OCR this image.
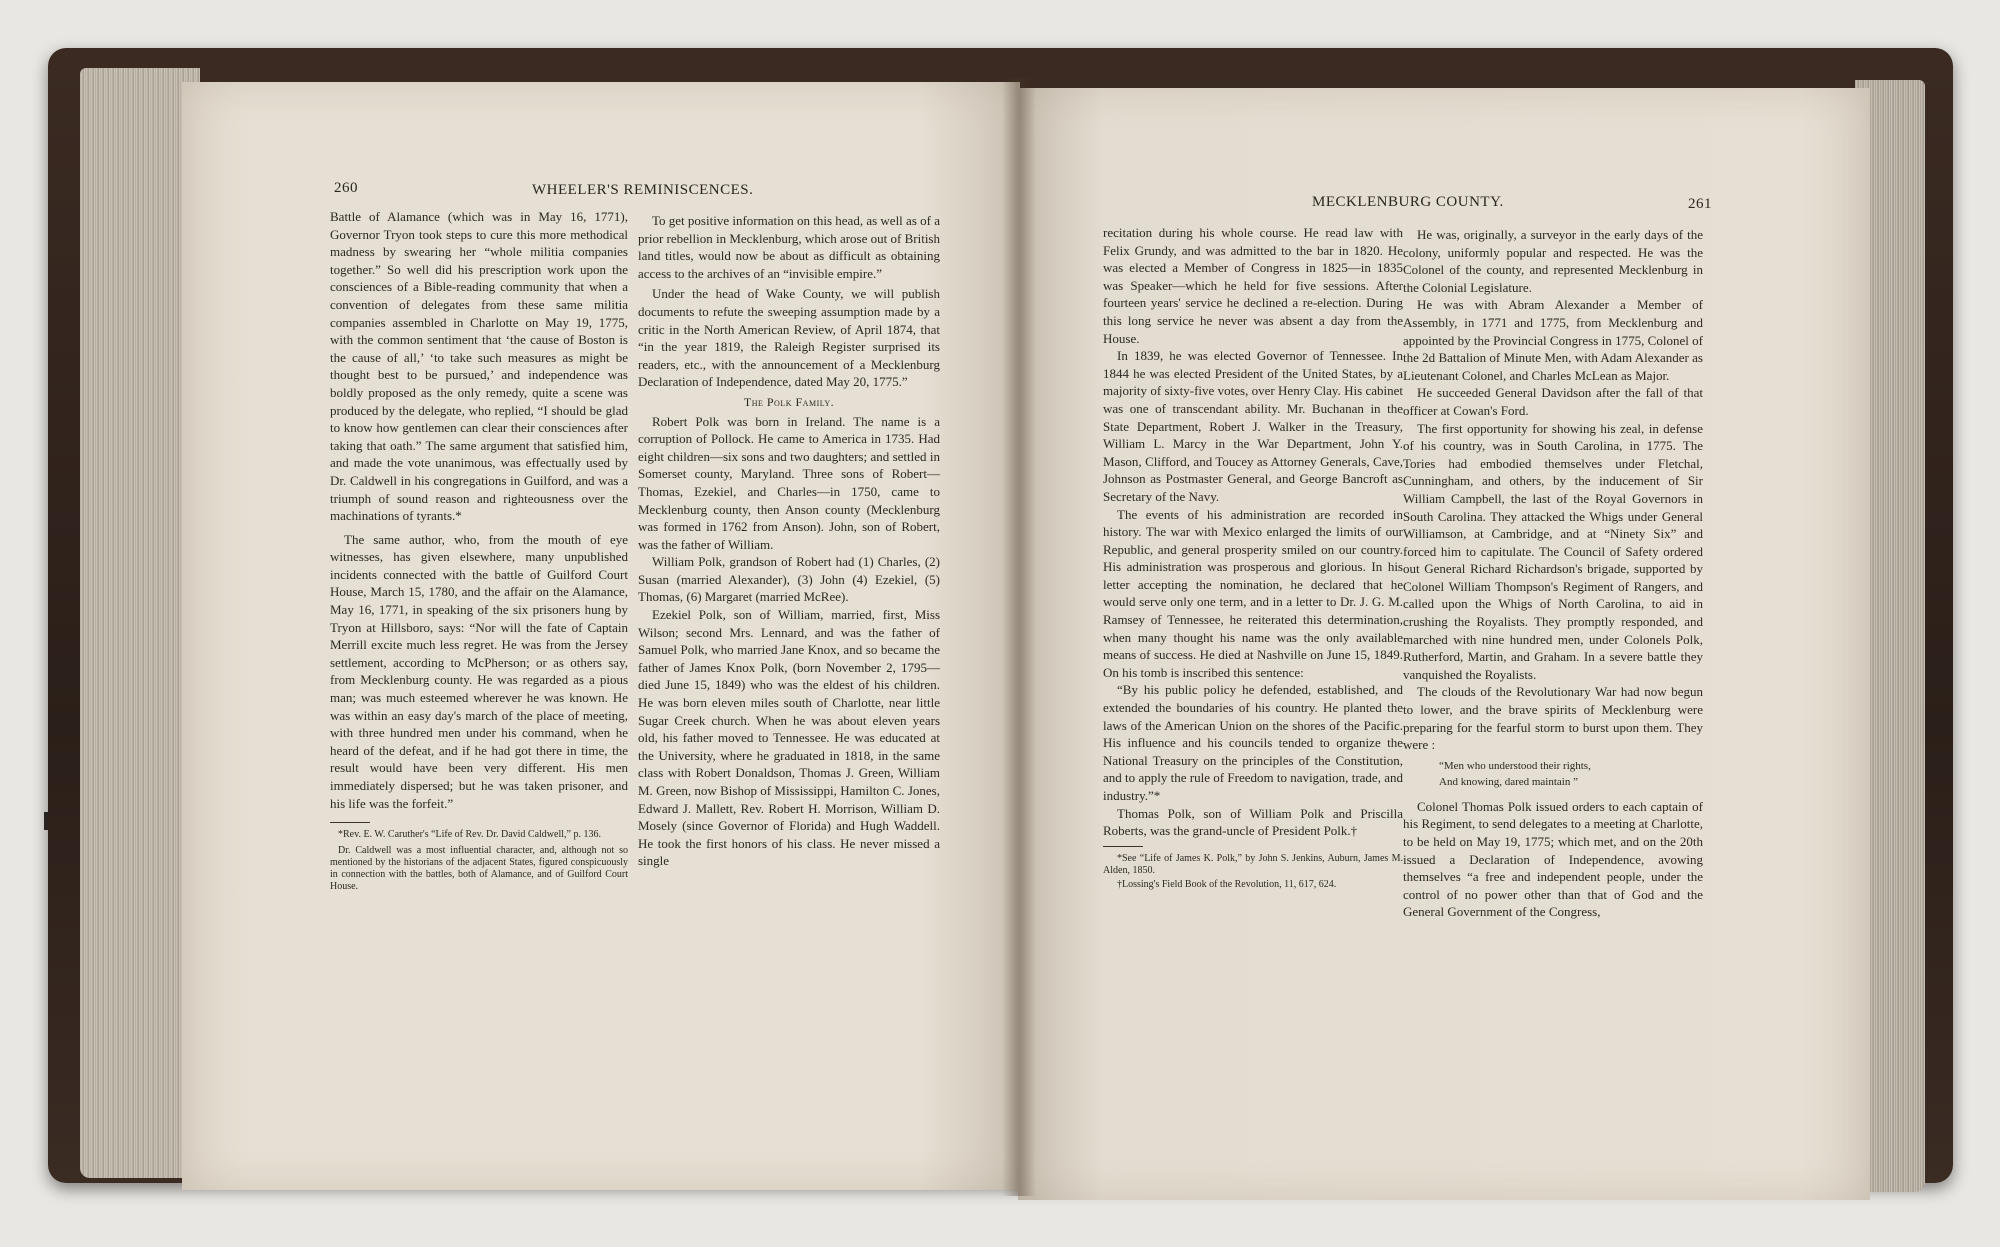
260	WHEELER'S REMINISCENCES.

Battle of Alamance (which was in May 16, 1771), Governor Tryon took steps to cure this more methodical madness by swearing her “whole militia companies together.” So well did his prescription work upon the consciences of a Bible-reading community that when a convention of delegates from these same militia companies assembled in Charlotte on May 19, 1775, with the common sentiment that ‘the cause of Boston is the cause of all,’ ‘to take such measures as might be thought best to be pursued,’ and independence was boldly proposed as the only remedy, quite a scene was produced by the delegate, who replied, “I should be glad to know how gentlemen can clear their consciences after taking that oath.” The same argument that satisfied him, and made the vote unanimous, was effectually used by Dr. Caldwell in his congregations in Guilford, and was a triumph of sound reason and righteousness over the machinations of tyrants.*

The same author, who, from the mouth of eye witnesses, has given elsewhere, many unpublished incidents connected with the battle of Guilford Court House, March 15, 1780, and the affair on the Alamance, May 16, 1771, in speaking of the six prisoners hung by Tryon at Hillsboro, says: “Nor will the fate of Captain Merrill excite much less regret. He was from the Jersey settlement, according to McPherson; or as others say, from Mecklenburg county. He was regarded as a pious man; was much esteemed wherever he was known. He was within an easy day's march of the place of meeting, with three hundred men under his command, when he heard of the defeat, and if he had got there in time, the result would have been very different. His men immediately dispersed; but he was taken prisoner, and his life was the forfeit.”

*Rev. E. W. Caruther's “Life of Rev. Dr. David Caldwell,” p. 136.

Dr. Caldwell was a most influential character, and, although not so mentioned by the historians of the adjacent States, figured conspicuously in connection with the battles, both of Alamance, and of Guilford Court House.

To get positive information on this head, as well as of a prior rebellion in Mecklenburg, which arose out of British land titles, would now be about as difficult as obtaining access to the archives of an “invisible empire.”

Under the head of Wake County, we will publish documents to refute the sweeping assumption made by a critic in the North American Review, of April 1874, that “in the year 1819, the Raleigh Register surprised its readers, etc., with the announcement of a Mecklenburg Declaration of Independence, dated May 20, 1775.”

The Polk Family.

Robert Polk was born in Ireland. The name is a corruption of Pollock. He came to America in 1735. Had eight children—six sons and two daughters; and settled in Somerset county, Maryland. Three sons of Robert—Thomas, Ezekiel, and Charles—in 1750, came to Mecklenburg county, then Anson county (Mecklenburg was formed in 1762 from Anson). John, son of Robert, was the father of William.

William Polk, grandson of Robert had (1) Charles, (2) Susan (married Alexander), (3) John (4) Ezekiel, (5) Thomas, (6) Margaret (married McRee).

Ezekiel Polk, son of William, married, first, Miss Wilson; second Mrs. Lennard, and was the father of Samuel Polk, who married Jane Knox, and so became the father of James Knox Polk, (born November 2, 1795—died June 15, 1849) who was the eldest of his children. He was born eleven miles south of Charlotte, near little Sugar Creek church. When he was about eleven years old, his father moved to Tennessee. He was educated at the University, where he graduated in 1818, in the same class with Robert Donaldson, Thomas J. Green, William M. Green, now Bishop of Mississippi, Hamilton C. Jones, Edward J. Mallett, Rev. Robert H. Morrison, William D. Mosely (since Governor of Florida) and Hugh Waddell. He took the first honors of his class. He never missed a single

MECKLENBURG COUNTY.	261

recitation during his whole course. He read law with Felix Grundy, and was admitted to the bar in 1820. He was elected a Member of Congress in 1825—in 1835 was Speaker—which he held for five sessions. After fourteen years' service he declined a re-election. During this long service he never was absent a day from the House.

In 1839, he was elected Governor of Tennessee. In 1844 he was elected President of the United States, by a majority of sixty-five votes, over Henry Clay. His cabinet was one of transcendant ability. Mr. Buchanan in the State Department, Robert J. Walker in the Treasury, William L. Marcy in the War Department, John Y. Mason, Clifford, and Toucey as Attorney Generals, Cave, Johnson as Postmaster General, and George Bancroft as Secretary of the Navy.

The events of his administration are recorded in history. The war with Mexico enlarged the limits of our Republic, and general prosperity smiled on our country. His administration was prosperous and glorious. In his letter accepting the nomination, he declared that he would serve only one term, and in a letter to Dr. J. G. M. Ramsey of Tennessee, he reiterated this determination, when many thought his name was the only available means of success. He died at Nashville on June 15, 1849. On his tomb is inscribed this sentence:

“By his public policy he defended, established, and extended the boundaries of his country. He planted the laws of the American Union on the shores of the Pacific. His influence and his councils tended to organize the National Treasury on the principles of the Constitution, and to apply the rule of Freedom to navigation, trade, and industry.”*

Thomas Polk, son of William Polk and Priscilla Roberts, was the grand-uncle of President Polk.†

*See “Life of James K. Polk,” by John S. Jenkins, Auburn, James M. Alden, 1850.

†Lossing's Field Book of the Revolution, 11, 617, 624.

He was, originally, a surveyor in the early days of the colony, uniformly popular and respected. He was the Colonel of the county, and represented Mecklenburg in the Colonial Legislature.

He was with Abram Alexander a Member of Assembly, in 1771 and 1775, from Mecklenburg and appointed by the Provincial Congress in 1775, Colonel of the 2d Battalion of Minute Men, with Adam Alexander as Lieutenant Colonel, and Charles McLean as Major.

He succeeded General Davidson after the fall of that officer at Cowan's Ford.

The first opportunity for showing his zeal, in defense of his country, was in South Carolina, in 1775. The Tories had embodied themselves under Fletchal, Cunningham, and others, by the inducement of Sir William Campbell, the last of the Royal Governors in South Carolina. They attacked the Whigs under General Williamson, at Cambridge, and at “Ninety Six” and forced him to capitulate. The Council of Safety ordered out General Richard Richardson's brigade, supported by Colonel William Thompson's Regiment of Rangers, and called upon the Whigs of North Carolina, to aid in crushing the Royalists. They promptly responded, and marched with nine hundred men, under Colonels Polk, Rutherford, Martin, and Graham. In a severe battle they vanquished the Royalists.

The clouds of the Revolutionary War had now begun to lower, and the brave spirits of Mecklenburg were preparing for the fearful storm to burst upon them. They were :

“Men who understood their rights,
And knowing, dared maintain ”

Colonel Thomas Polk issued orders to each captain of his Regiment, to send delegates to a meeting at Charlotte, to be held on May 19, 1775; which met, and on the 20th issued a Declaration of Independence, avowing themselves “a free and independent people, under the control of no power other than that of God and the General Government of the Congress,
